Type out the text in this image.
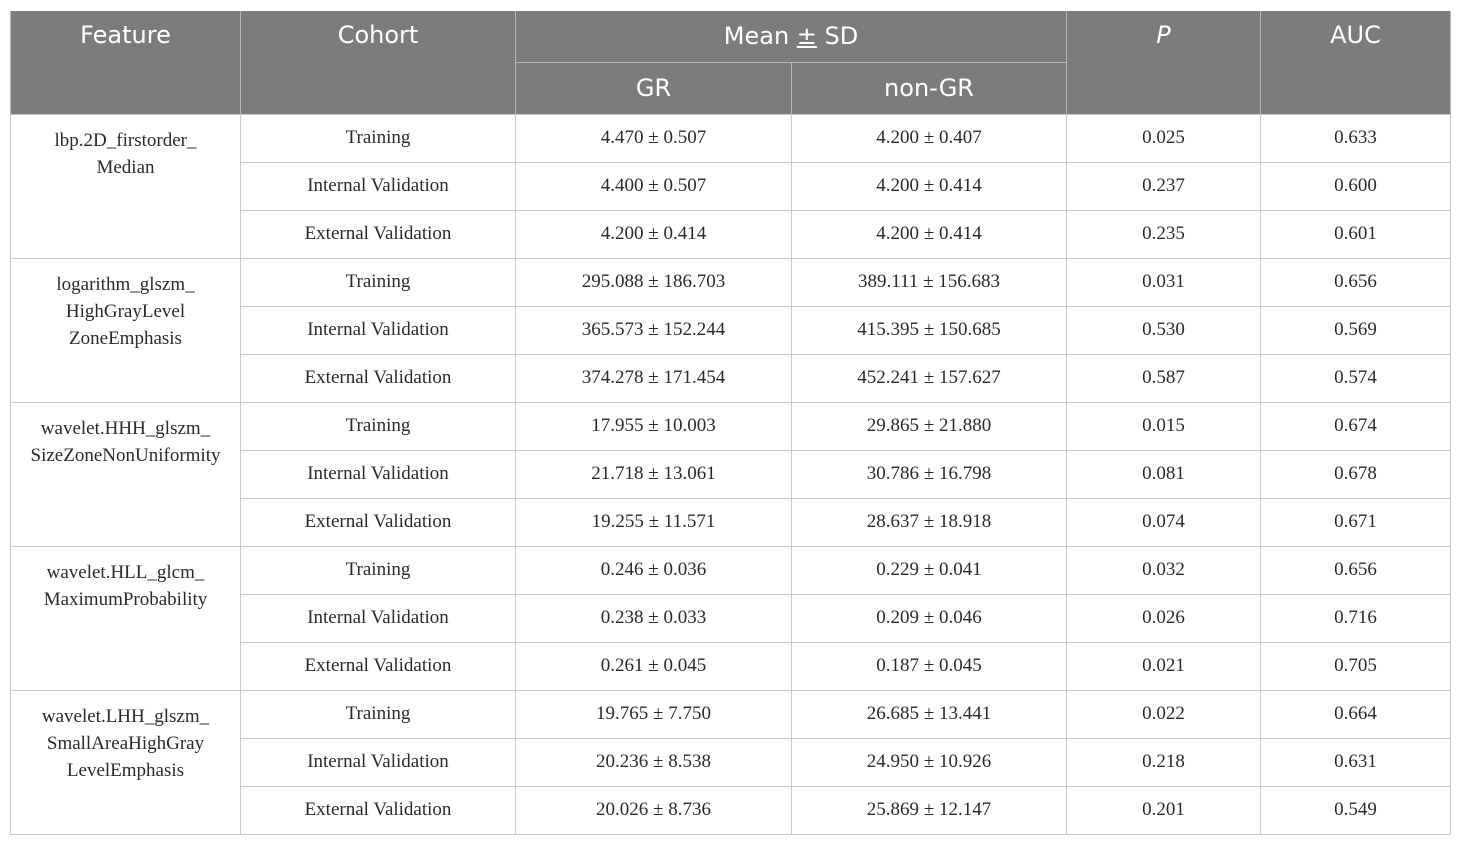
Feature	Cohort	Mean ± SD		P	AUC
		GR	non-GR		
lbp.2D_firstorder_
Median	Training	4.470 ± 0.507	4.200 ± 0.407	0.025	0.633
	Internal Validation	4.400 ± 0.507	4.200 ± 0.414	0.237	0.600
	External Validation	4.200 ± 0.414	4.200 ± 0.414	0.235	0.601
logarithm_glszm_
HighGrayLevel
ZoneEmphasis	Training	295.088 ± 186.703	389.111 ± 156.683	0.031	0.656
	Internal Validation	365.573 ± 152.244	415.395 ± 150.685	0.530	0.569
	External Validation	374.278 ± 171.454	452.241 ± 157.627	0.587	0.574
wavelet.HHH_glszm_
SizeZoneNonUniformity	Training	17.955 ± 10.003	29.865 ± 21.880	0.015	0.674
	Internal Validation	21.718 ± 13.061	30.786 ± 16.798	0.081	0.678
	External Validation	19.255 ± 11.571	28.637 ± 18.918	0.074	0.671
wavelet.HLL_glcm_
MaximumProbability	Training	0.246 ± 0.036	0.229 ± 0.041	0.032	0.656
	Internal Validation	0.238 ± 0.033	0.209 ± 0.046	0.026	0.716
	External Validation	0.261 ± 0.045	0.187 ± 0.045	0.021	0.705
wavelet.LHH_glszm_
SmallAreaHighGray
LevelEmphasis	Training	19.765 ± 7.750	26.685 ± 13.441	0.022	0.664
	Internal Validation	20.236 ± 8.538	24.950 ± 10.926	0.218	0.631
	External Validation	20.026 ± 8.736	25.869 ± 12.147	0.201	0.549
